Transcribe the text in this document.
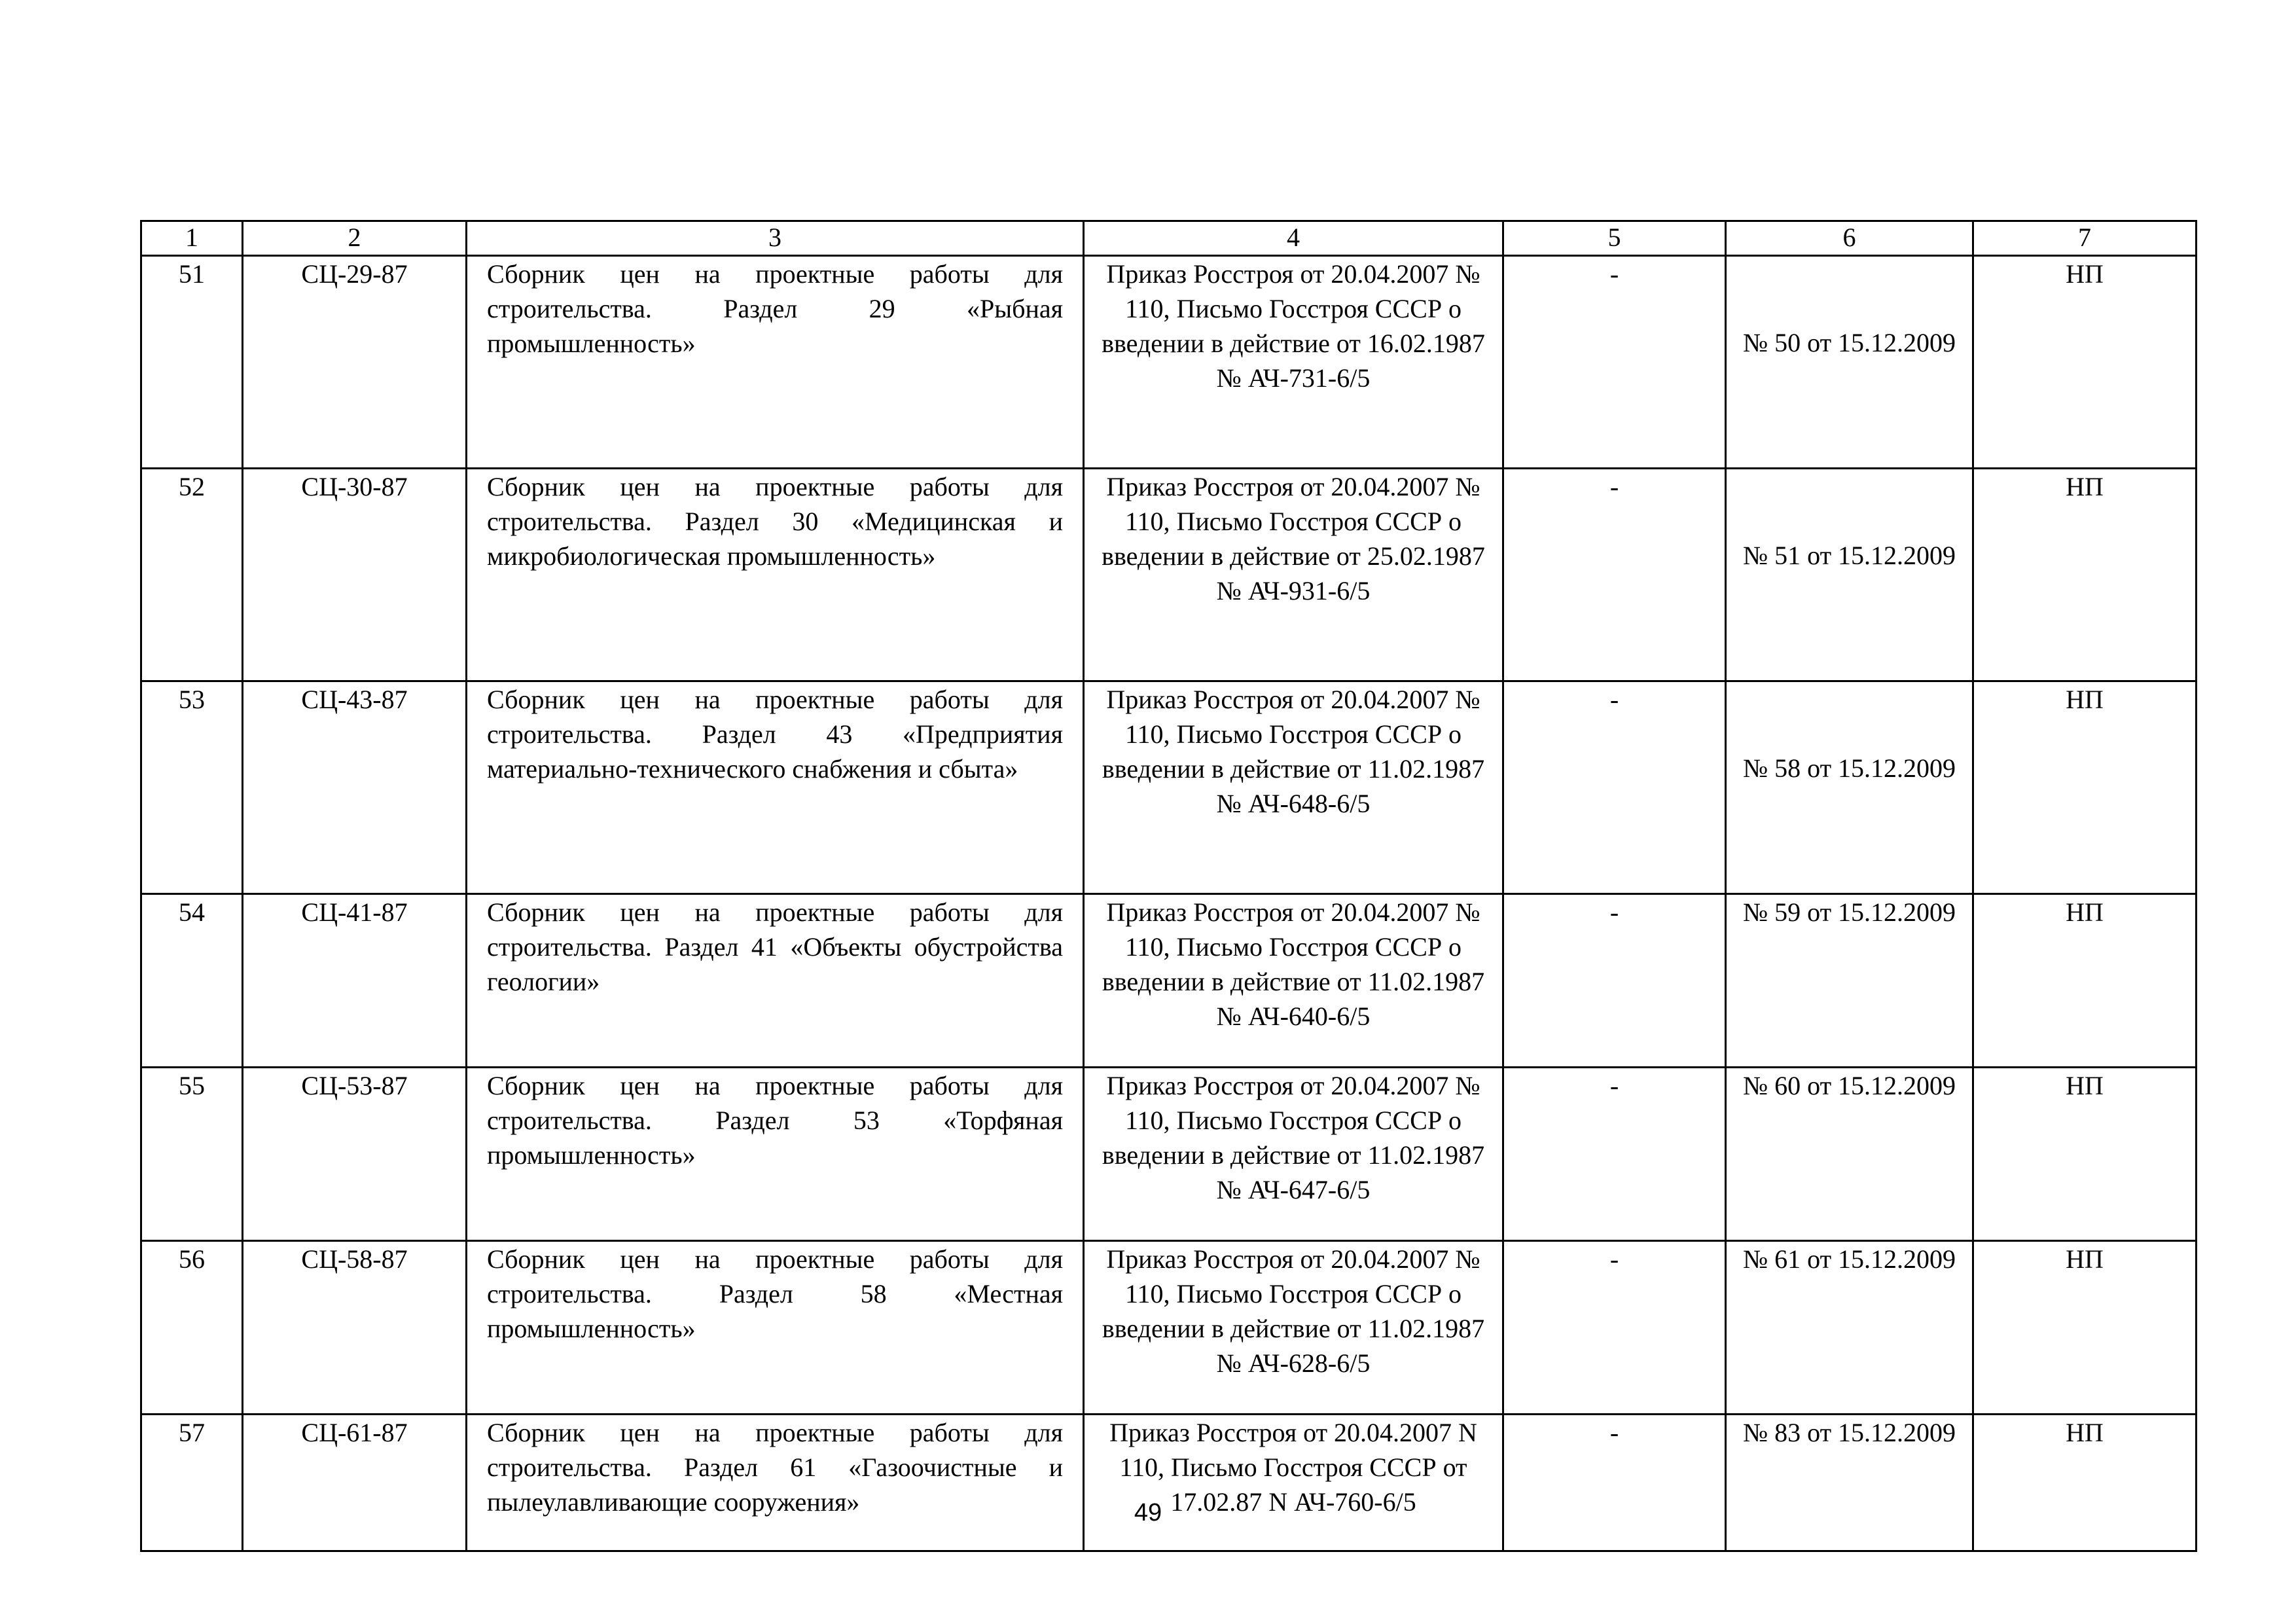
1	2	3	4	5	6	7
51	СЦ-29-87	Сборник цен на проектные работы для строительства. Раздел 29 «Рыбная промышленность»	Приказ Росстроя от 20.04.2007 № 110, Письмо Госстроя СССР о введении в действие от 16.02.1987 № АЧ-731-6/5	-	№ 50 от 15.12.2009	НП
52	СЦ-30-87	Сборник цен на проектные работы для строительства. Раздел 30 «Медицинская и микробиологическая промышленность»	Приказ Росстроя от 20.04.2007 № 110, Письмо Госстроя СССР о введении в действие от 25.02.1987 № АЧ-931-6/5	-	№ 51 от 15.12.2009	НП
53	СЦ-43-87	Сборник цен на проектные работы для строительства. Раздел 43 «Предприятия материально-технического снабжения и сбыта»	Приказ Росстроя от 20.04.2007 № 110, Письмо Госстроя СССР о введении в действие от 11.02.1987 № АЧ-648-6/5	-	№ 58 от 15.12.2009	НП
54	СЦ-41-87	Сборник цен на проектные работы для строительства. Раздел 41 «Объекты обустройства геологии»	Приказ Росстроя от 20.04.2007 № 110, Письмо Госстроя СССР о введении в действие от 11.02.1987 № АЧ-640-6/5	-	№ 59 от 15.12.2009	НП
55	СЦ-53-87	Сборник цен на проектные работы для строительства. Раздел 53 «Торфяная промышленность»	Приказ Росстроя от 20.04.2007 № 110, Письмо Госстроя СССР о введении в действие от 11.02.1987 № АЧ-647-6/5	-	№ 60 от 15.12.2009	НП
56	СЦ-58-87	Сборник цен на проектные работы для строительства. Раздел 58 «Местная промышленность»	Приказ Росстроя от 20.04.2007 № 110, Письмо Госстроя СССР о введении в действие от 11.02.1987 № АЧ-628-6/5	-	№ 61 от 15.12.2009	НП
57	СЦ-61-87	Сборник цен на проектные работы для строительства. Раздел 61 «Газоочистные и пылеулавливающие сооружения»	Приказ Росстроя от 20.04.2007 N 110, Письмо Госстроя СССР от 17.02.87 N АЧ-760-6/5	-	№ 83 от 15.12.2009	НП
49
